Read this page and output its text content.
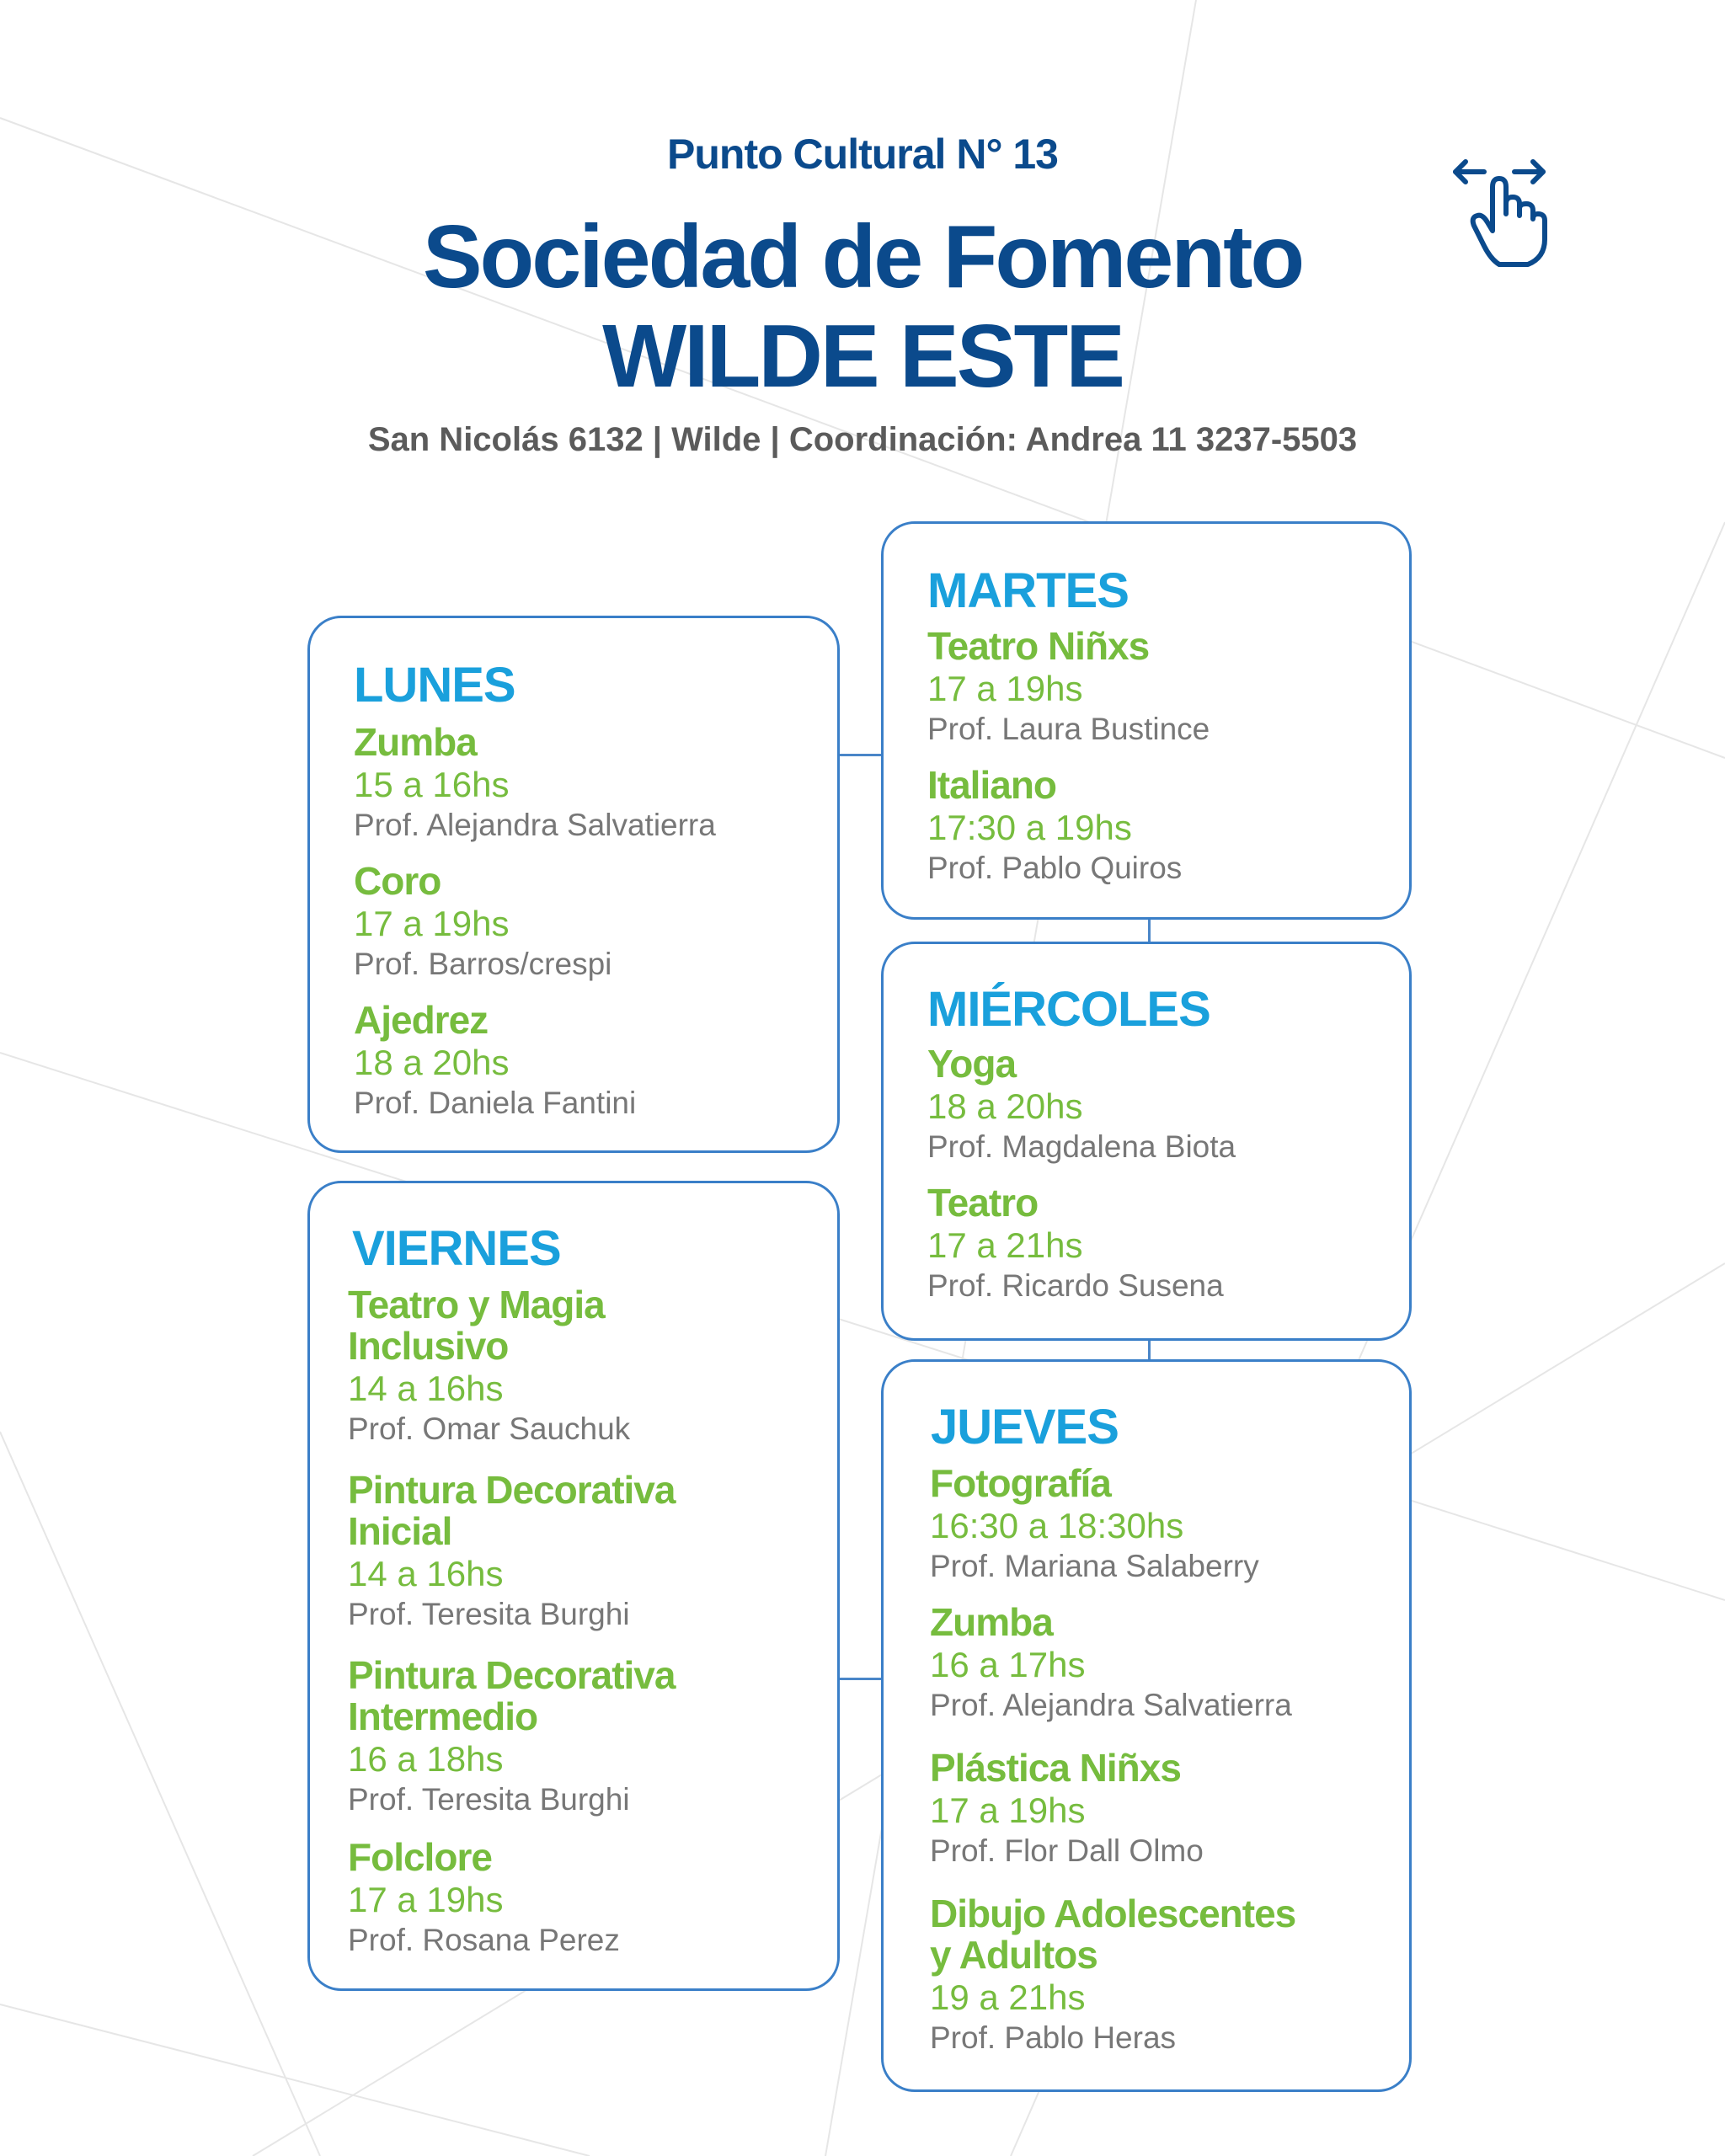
Punto Cultural N° 13
Sociedad de Fomento
WILDE ESTE
San Nicolás 6132 | Wilde | Coordinación: Andrea 11 3237-5503
LUNES
Zumba
15 a 16hs
Prof. Alejandra Salvatierra
Coro
17 a 19hs
Prof. Barros/crespi
Ajedrez
18 a 20hs
Prof. Daniela Fantini
MARTES
Teatro Niñxs
17 a 19hs
Prof. Laura Bustince
Italiano
17:30 a 19hs
Prof. Pablo Quiros
MIÉRCOLES
Yoga
18 a 20hs
Prof. Magdalena Biota
Teatro
17 a 21hs
Prof. Ricardo Susena
JUEVES
Fotografía
16:30 a 18:30hs
Prof. Mariana Salaberry
Zumba
16 a 17hs
Prof. Alejandra Salvatierra
Plástica Niñxs
17 a 19hs
Prof. Flor Dall Olmo
Dibujo Adolescentes
y Adultos
19 a 21hs
Prof. Pablo Heras
VIERNES
Teatro y Magia
Inclusivo
14 a 16hs
Prof. Omar Sauchuk
Pintura Decorativa
Inicial
14 a 16hs
Prof. Teresita Burghi
Pintura Decorativa
Intermedio
16 a 18hs
Prof. Teresita Burghi
Folclore
17 a 19hs
Prof. Rosana Perez
